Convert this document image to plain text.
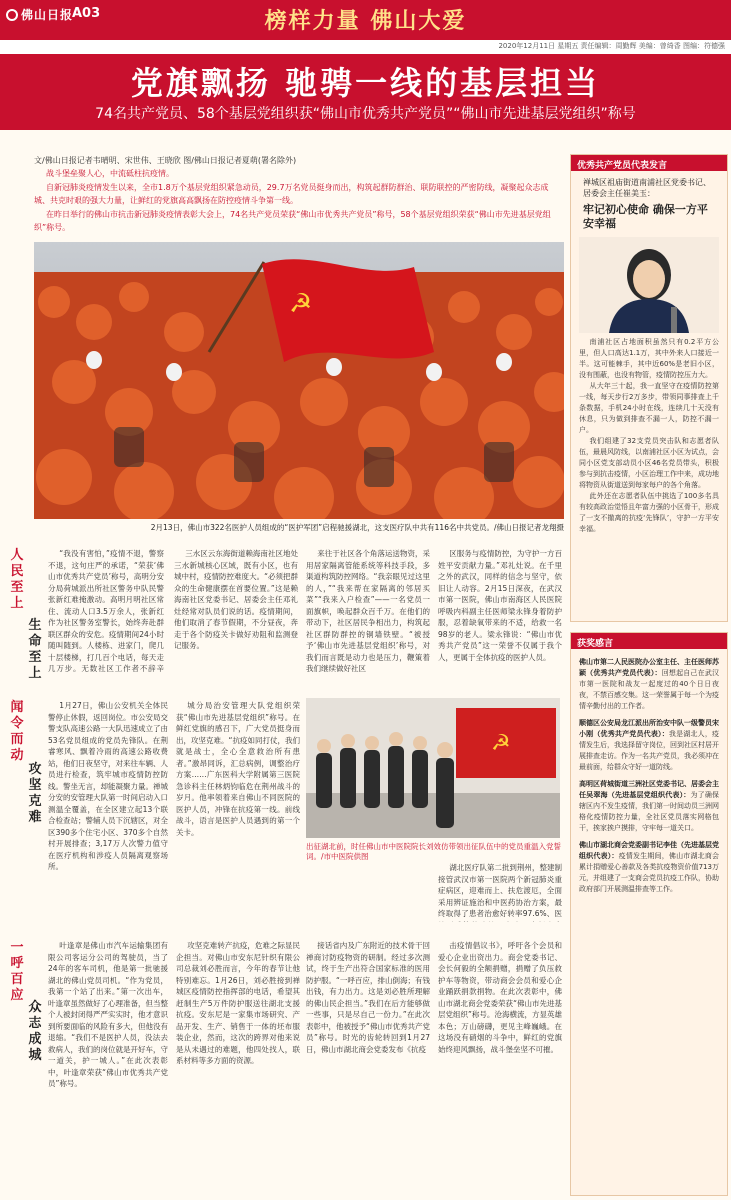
佛山日报
A03	榜样力量 佛山大爱
2020年12月11日 星期五 责任编辑：周勤辉 美编：曾绮香 图编：符德强
党旗飘扬 驰骋一线的基层担当
74名共产党员、58个基层党组织获“佛山市优秀共产党员”“佛山市先进基层党组织”称号
文/佛山日报记者韦晴明、宋世伟、王晓欣 图/佛山日报记者夏萌(署名除外)
战斗堡垒聚人心，中流砥柱抗疫情。
自新冠肺炎疫情发生以来，全市1.8万个基层党组织紧急动员，29.7万名党员挺身而出，构筑起群防群治、联防联控的严密防线，凝聚起众志成城、共克时艰的强大力量，让鲜红的党旗高高飘扬在防控疫情斗争第一线。
在昨日举行的佛山市抗击新冠肺炎疫情表彰大会上，74名共产党员荣获“佛山市优秀共产党员”称号，58个基层党组织荣获“佛山市先进基层党组织”称号。
☭
2月13日，佛山市322名医护人员组成的“医护军团”启程驰援湖北，这支医疗队中共有116名中共党员。/佛山日报记者龙翔摄
人民至上
生命至上

“我没有害怕，”疫情不退，警察不退，这句庄严的承诺，“荣获‘佛山市优秀共产党员’称号，高明分安分局荷城派出所社区警务中队民警张新红难掩激动。高明月明社区常住、流动人口3.5万余人，张新红作为社区警务室警长，始终奔赴群联区群众的安危。疫情期间24小时随叫随到。人楼栋、进家门，爬几十层楼梯，打几百个电话，每天走几万步。无数社区工作者不辞辛

三水区云东海街道赖海南社区地处三水新城核心区域，既有小区，也有城中村，疫情防控难度大。“必须把群众的生命健康摆在首要位置。”这是赖海南社区党委书记、居委会主任邓礼灶经常对队员们说的话。疫情期间，他们取消了春节假期，不分昼夜，奔走于各个防疫关卡做好劝阻和监测登记服务。

来往于社区各个角落运送物资，采用居家隔离管能系统等科技手段，多渠道构筑防控网络。“我亲眼见过这里的人，”“我来帮在家隔离的邻居买菜”“我来入户检查”——一名党员一面旗帜，唤起群众百千万。在他们的带动下，社区居民争相出力，构筑起社区群防群控的铜墙铁壁。“被授予‘佛山市先进基层党组织’称号，对我们而言既是动力也是压力，鞭策着我们继续做好社区

区服务与疫情防控，为守护一方百姓平安贡献力量。”邓礼灶说。在千里之外的武汉，同样的信念与坚守，依旧让人动容。2月15日深夜，在武汉市第一医院，佛山市南海区人民医院呼吸内科副主任医师梁永锋身着防护服，忍着缺氧带来的不适，给救一名98岁的老人。梁永锋说：“佛山市优秀共产党员”这一荣誉不仅属于我个人，更属于全体抗疫的医护人员。

闻令而动
攻坚克难

1月27日，佛山公安机关全体民警停止休假，返回岗位。市公安局交警支队高速公路一大队迅速成立了由53名党员组成的党员先锋队。在荆睿寒风、飘着冷雨的高速公路收费站，他们日夜坚守，对来往车辆、人员进行检查，筑牢城市疫情防控防线。警坐无言，却能凝聚力量。禅城分安的安管理大队第一时间启动入口测温全覆盖，在全区建立起13个联合检查站；警辅人员下沉辖区，对全区390多个住宅小区、370多个自然村开展排查；3,17万人次警力值守在医疗机构和涉疫人员隔离观察场所。

城分局治安管理大队党组织荣获“佛山市先进基层党组织”称号。在鲜红党旗的感召下，广大党员挺身而出，攻坚克难。“抗疫如同打仗，我们就是战士，全心全意救治所有患者。”激昂同诉，汇总病例，调整治疗方案……广东医科大学附属第三医院急诊科主任林炳钧临危在荆州战斗的岁月。他率领着来自佛山不同医院的医护人员，冲锋在抗疫第一线。前线战斗，语言是医护人员遇到的第一个关卡。

☭
出征湖北前，时任佛山市中医院院长刘效仿带领出征队伍中的党员重温入党誓词。/市中医院供图

湖北医疗队第二批到荆州，整建制接管武汉市第一医院两个新冠肺炎重症病区，迎难而上、扶危渡厄，全面采用辨证施治和中医药协治方案，最终取得了患者治愈好转率97.6%、医

一呼百应
众志成城

叶逢章是佛山市汽车运输集团有限公司客运分公司的驾驶员，当了24年的客车司机，他是第一批驰援湖北的佛山党员司机。“作为党员，我第一个站了出来。”第一次出车，叶逢章虽然做好了心理准备，但当整个人被封闭得严严实实时，他才意识到所要面临的风险有多大，但他没有退缩。“我们不是医护人员，没法去救病人，我们的岗位就是开好车，守一道关，护一城人。”在此次表彰中，叶逢章荣获“佛山市优秀共产党员”称号。

攻坚克难转产抗疫，危难之际显民企担当。对佛山市安东尼针织有限公司总裁刘必胜而言，今年的春节让他特别难忘。1月26日，刘必胜接到禅城区疫情防控指挥部的电话，希望其赶制生产5万件防护服送往湖北支援抗疫。安东尼是一家集市场研究、产品开发、生产、销售于一体的坯布服装企业，然而，这次的跨界对他来说是从未遇过的难题，他四处找人，联系材料等多方面的资源。

接话省内及广东附近的技术骨干回禅商讨防疫物资的研制。经过多次测试，终于生产出符合国家标准的医用防护服。“一呼百应，排山倒海；有钱出钱，有力出力。这是刘必胜所理解的佛山民企担当。”我们在后方能够做一些事，只是尽自己一份力。”在此次表彰中，他被授予“佛山市优秀共产党员”称号。时光的齿轮转回到1月27日，佛山市湖北商会党委发布《抗疫

击疫情倡议书》，呼吁各个会员和爱心企业出资出力。商会党委书记、会长何毅的全额捐赠，捐赠了负压救护车等物资，带动商会会员和爱心企业踊跃捐款捐物。在此次表彰中，佛山市湖北商会党委荣获“佛山市先进基层党组织”称号。沧海横流，方显英雄本色；万山磅礴，更见主峰巍峨。在这场没有硝烟的斗争中，鲜红的党旗始终迎风飘扬，战斗堡垒坚不可摧。

优秀共产党员代表发言
禅城区祖庙街道南浦社区党委书记、居委会主任崔美玉：
牢记初心使命 确保一方平安幸福

南浦社区占地面积虽然只有0.2平方公里，但人口高达1.1万，其中外来人口接近一半。这可能棘手，其中近60%是老旧小区，没有围蔽，也没有物管，疫情防控压力大。

从大年三十起，我一直坚守在疫情防控第一线，每天步行2万多步，带领同事排查上千条数据，手机24小时在线，连续几十天没有休息，只为做到排查不漏一人，防控不漏一户。

我们组建了32支党员突击队和志愿者队伍，最晨风防线，以南浦社区小区为试点，会同小区党支部动员小区46名党员带头，积极参与到抗击疫情，小区治理工作中来，成功地将物资从街道送到每家每户的各个角落。

此外还在志愿者队伍中挑选了100多名具有较高政治觉悟且年富力强的小区骨干，形成了一支不撤离的抗疫‘先锋队’，守护一方平安幸福。

获奖感言

佛山市第二人民医院办公室主任、主任医师苏颖（优秀共产党员代表）：回想起自己在武汉市第一医院和战友一起度过的40个日日夜夜，不禁百感交集。这一荣誉属于每一个为疫情辛勤付出的工作者。

顺德区公安局龙江派出所治安中队一级警员宋小刚（优秀共产党员代表）：我是湖北人，疫情发生后，我选择留守岗位，回到社区村居开展排查走访。作为一名共产党员，我必须冲在最前面，给群众守好一道防线。

高明区荷城街道三洲社区党委书记、居委会主任吴翠海（先进基层党组织代表）：为了确保辖区内不发生疫情，我们第一时间动员三洲网格化疫情防控力量，全社区党员落实网格包干，挨家挨户摸排，守牢每一道关口。

佛山市湖北商会党委副书记李佳（先进基层党组织代表）：疫情发生期间，佛山市湖北商会累计捐赠爱心善款及各类抗疫物资价值713万元，并组建了一支商会党员抗疫工作队，协助政府部门开展测温排查等工作。
